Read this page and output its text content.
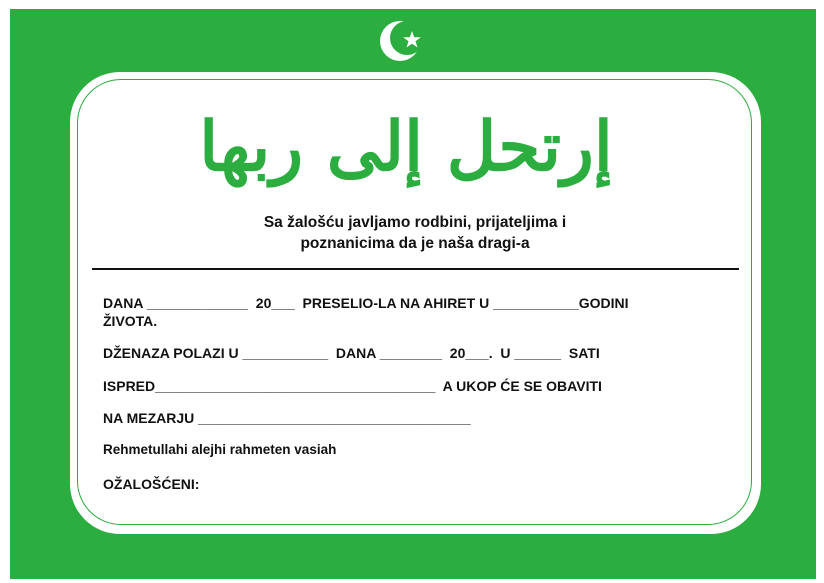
إرتحل إلى ربها
Sa žalošću javljamo rodbini, prijateljima i
poznanicima da je naša dragi-a
DANA _____________  20___  PRESELIO-LA NA AHIRET U ___________GODINI
ŽIVOTA.
DŽENAZA POLAZI U ___________  DANA ________  20___.  U ______  SATI
ISPRED____________________________________  A UKOP ĆE SE OBAVITI
NA MEZARJU ___________________________________
Rehmetullahi alejhi rahmeten vasiah
OŽALOŠĆENI:
